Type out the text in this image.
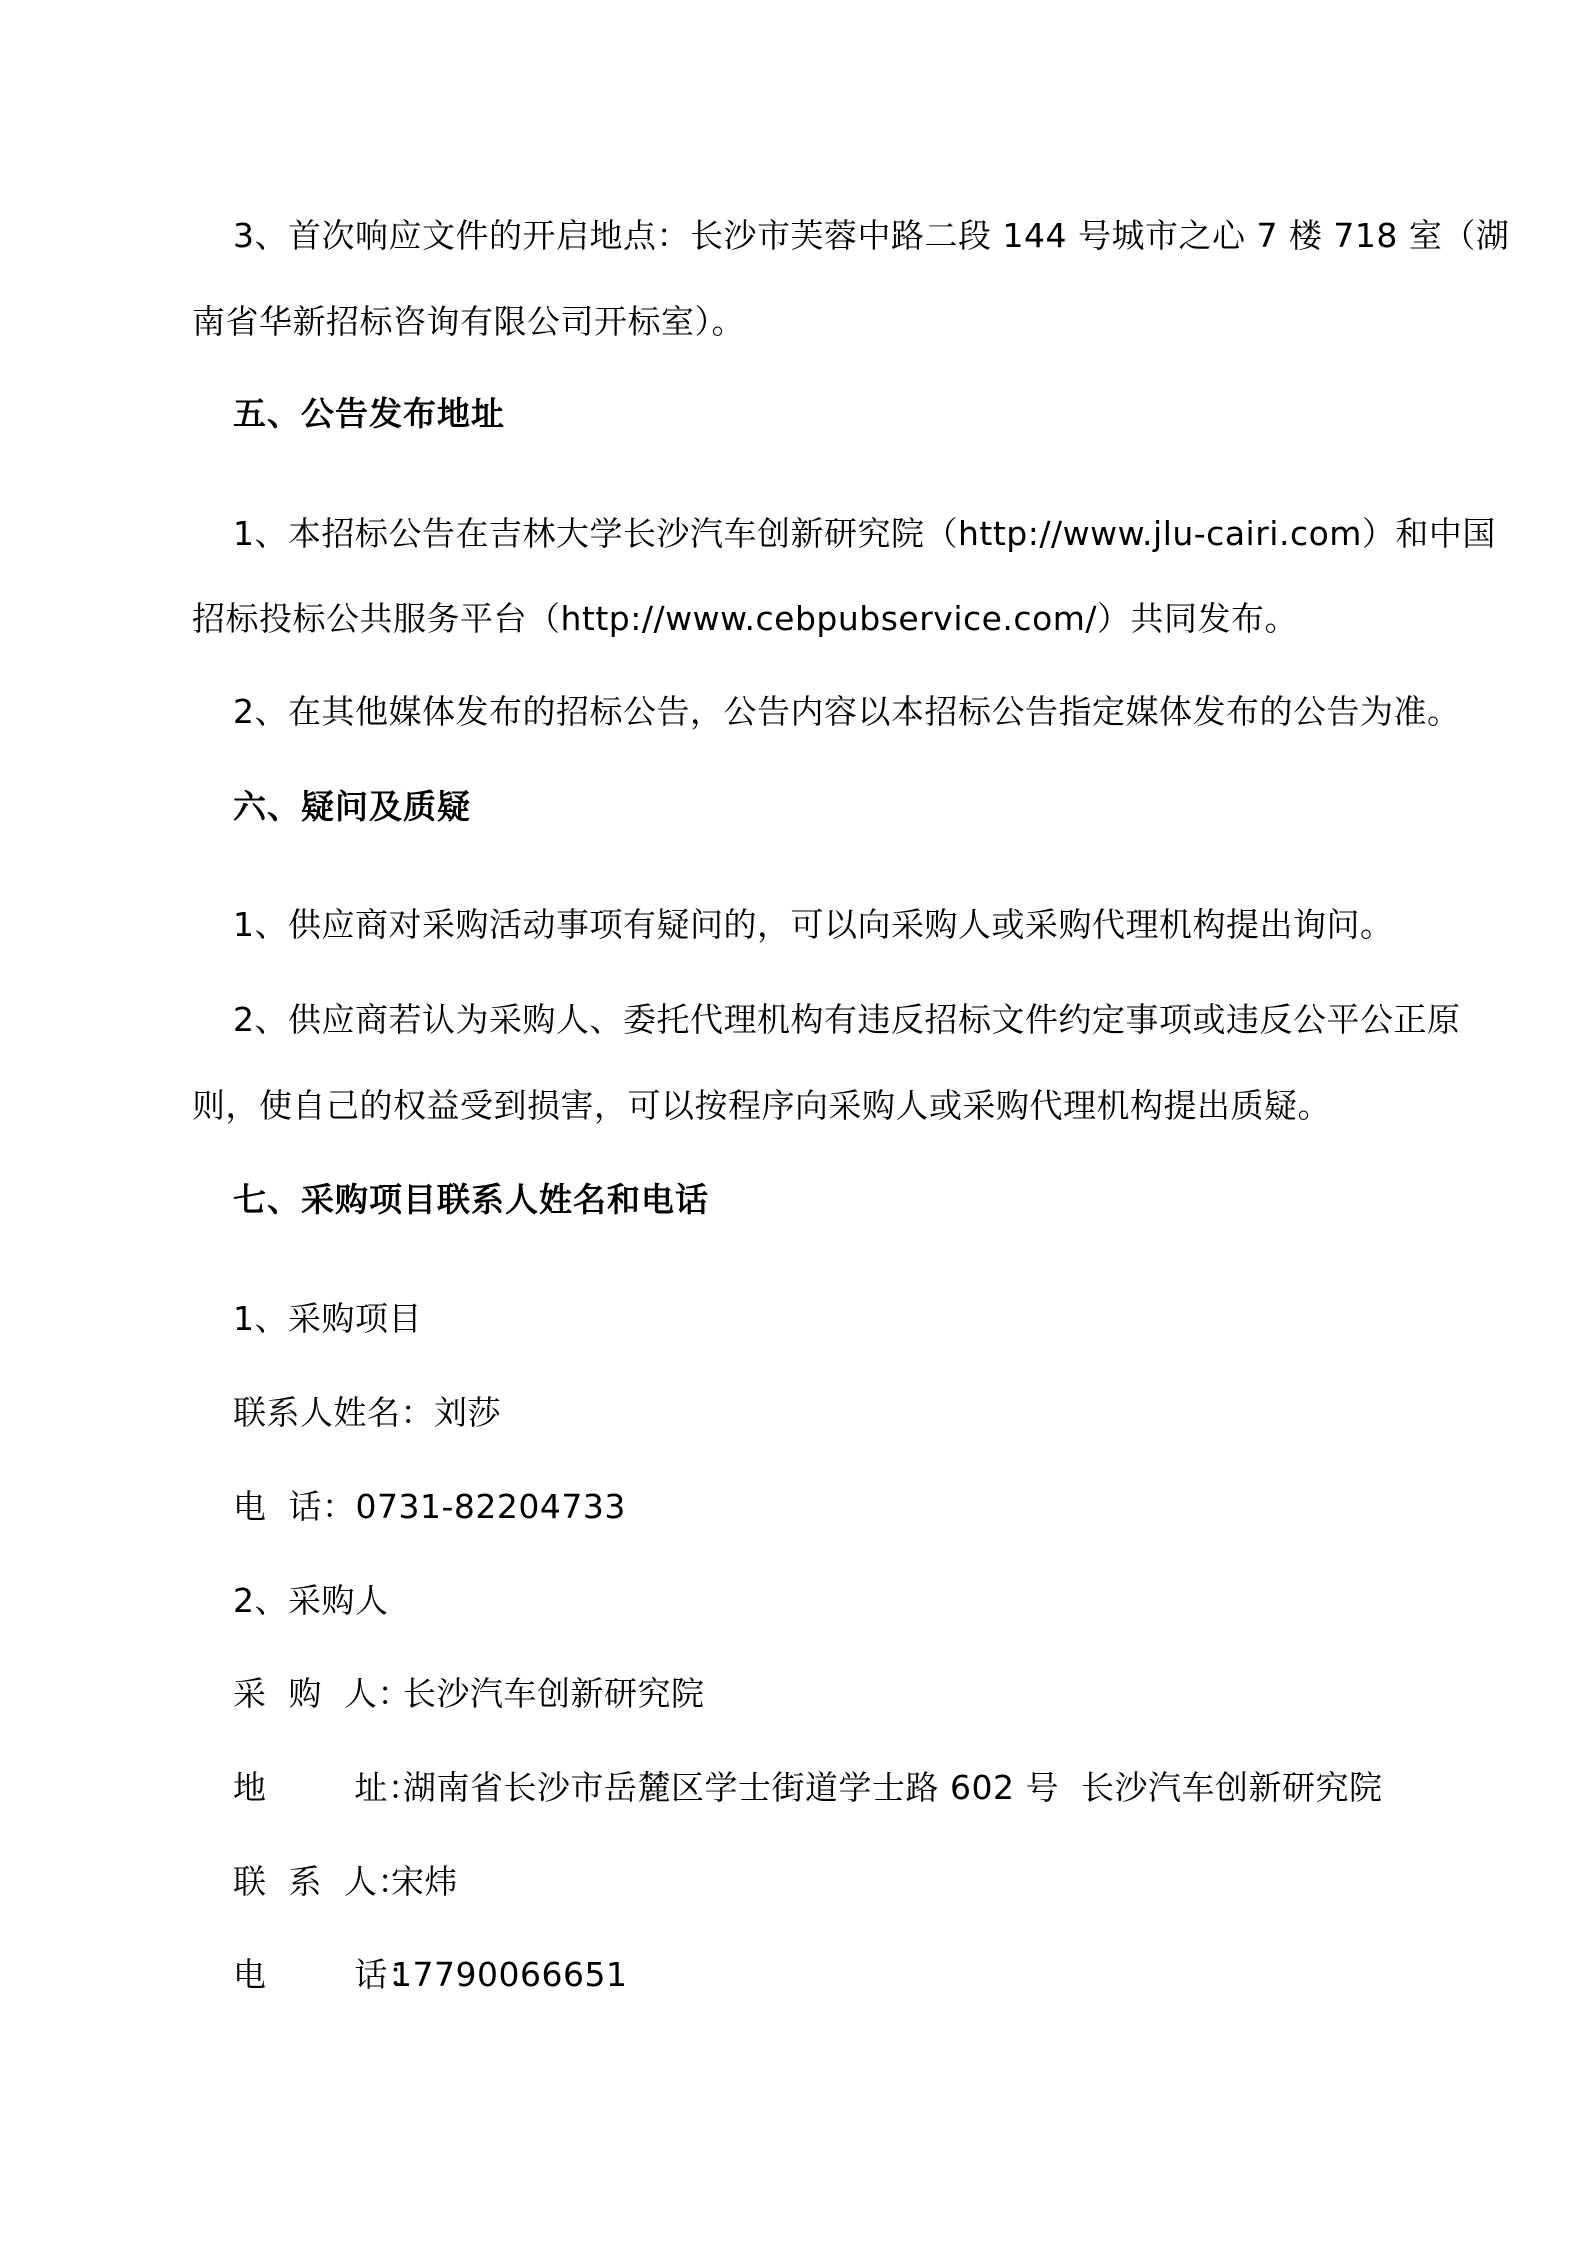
3、首次响应文件的开启地点：长沙市芙蓉中路二段 144 号城市之心 7 楼 718 室（湖
南省华新招标咨询有限公司开标室）。
五、公告发布地址
1、本招标公告在吉林大学长沙汽车创新研究院（http://www.jlu-cairi.com）和中国
招标投标公共服务平台（http://www.cebpubservice.com/）共同发布。
2、在其他媒体发布的招标公告，公告内容以本招标公告指定媒体发布的公告为准。
六、疑问及质疑
1、供应商对采购活动事项有疑问的，可以向采购人或采购代理机构提出询问。
2、供应商若认为采购人、委托代理机构有违反招标文件约定事项或违反公平公正原
则，使自己的权益受到损害，可以按程序向采购人或采购代理机构提出质疑。
七、采购项目联系人姓名和电话
1、采购项目
联系人姓名：刘莎
电  话：0731-82204733
2、采购人
采  购  人：长沙汽车创新研究院
地        址：湖南省长沙市岳麓区学士街道学士路 602 号  长沙汽车创新研究院
联  系  人：宋炜
电        话：17790066651
